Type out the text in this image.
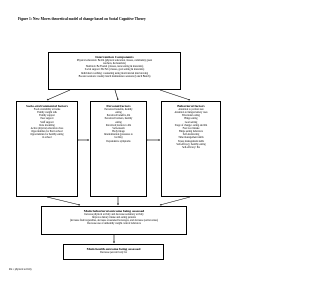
Figure 1: New Moves theoretical model of change based on Social Cognitive Theory
Intervention Components
Physical education: Be PA (physical education classes, community guest
teachers, & materials)
Nutrition: Be Fueled (classes, taste testing & materials)
Social support: Be Fab (classes, goal setting & materials)
Individual coaching: counseling using motivational interviewing
Booster sessions: weekly lunch maintenance sessions (Lunch Bunch)
Socio-environmental factors
Food availability at home
Family weight talk
Family support
Peer support
Staff support
Role modeling
Active physical education class
Opportunities for PA in school
Opportunities for healthy eating
in school
Personal factors
Perceived benefits, healthy
eating
Perceived benefits, PA
Perceived barriers, healthy
eating
Perceived barriers to PA
Self-esteem
Body image
Internalization (pressures to
be thin)
Dependence symptoms
Behavioral factors
Attention to portion size
Attention to hunger/satiety cues
Emotional eating
Binge eating
Goal setting
Stage of change: eating and PA
Fast food intake
Binge eating behaviors
Self-monitoring
Time management skills
Stress management skills
Self-efficacy: healthy eating
Self-efficacy: PA
Main behavioral outcome being assessed
Increase physical activity and decrease sedentary activity
Improve dietary intake and eating patterns
(increase fruit/vegetables, decrease sweetened beverages, and decrease portion sizes)
Decrease use of unhealthy weight control behaviors
Main health outcome being assessed
Decrease percent body fat
PA = physical activity
